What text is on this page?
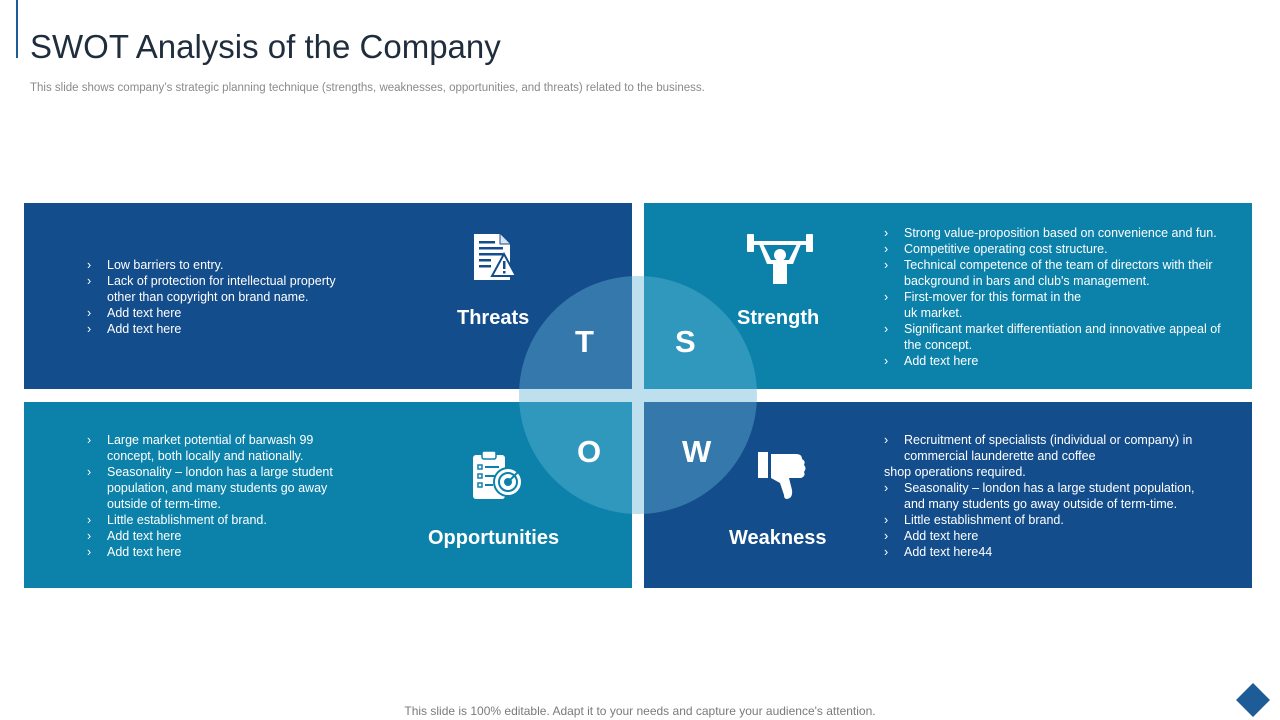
SWOT Analysis of the Company
This slide shows company’s strategic planning technique (strengths, weaknesses, opportunities, and threats) related to the business.
› Low barriers to entry.
› Lack of protection for intellectual property
other than copyright on brand name.
› Add text here
› Add text here	Threats
T
› Strong value-proposition based on convenience and fun.
› Competitive operating cost structure.
› Technical competence of the team of directors with their
background in bars and club's management.
› First-mover for this format in the
uk market.
› Significant market differentiation and innovative appeal of
the concept.
› Add text here
Strength
S
› Large market potential of barwash 99
concept, both locally and nationally.
› Seasonality – london has a large student
population, and many students go away
outside of term-time.
› Little establishment of brand.
› Add text here
› Add text here
Opportunities
O
›	Recruitment of specialists (individual or company) in
commercial launderette and coffee
shop operations required.
› Seasonality – london has a large student population,
and many students go away outside of term-time.
› Little establishment of brand.
› Add text here
› Add text here44
Weakness
W
This slide is 100% editable. Adapt it to your needs and capture your audience's attention.
